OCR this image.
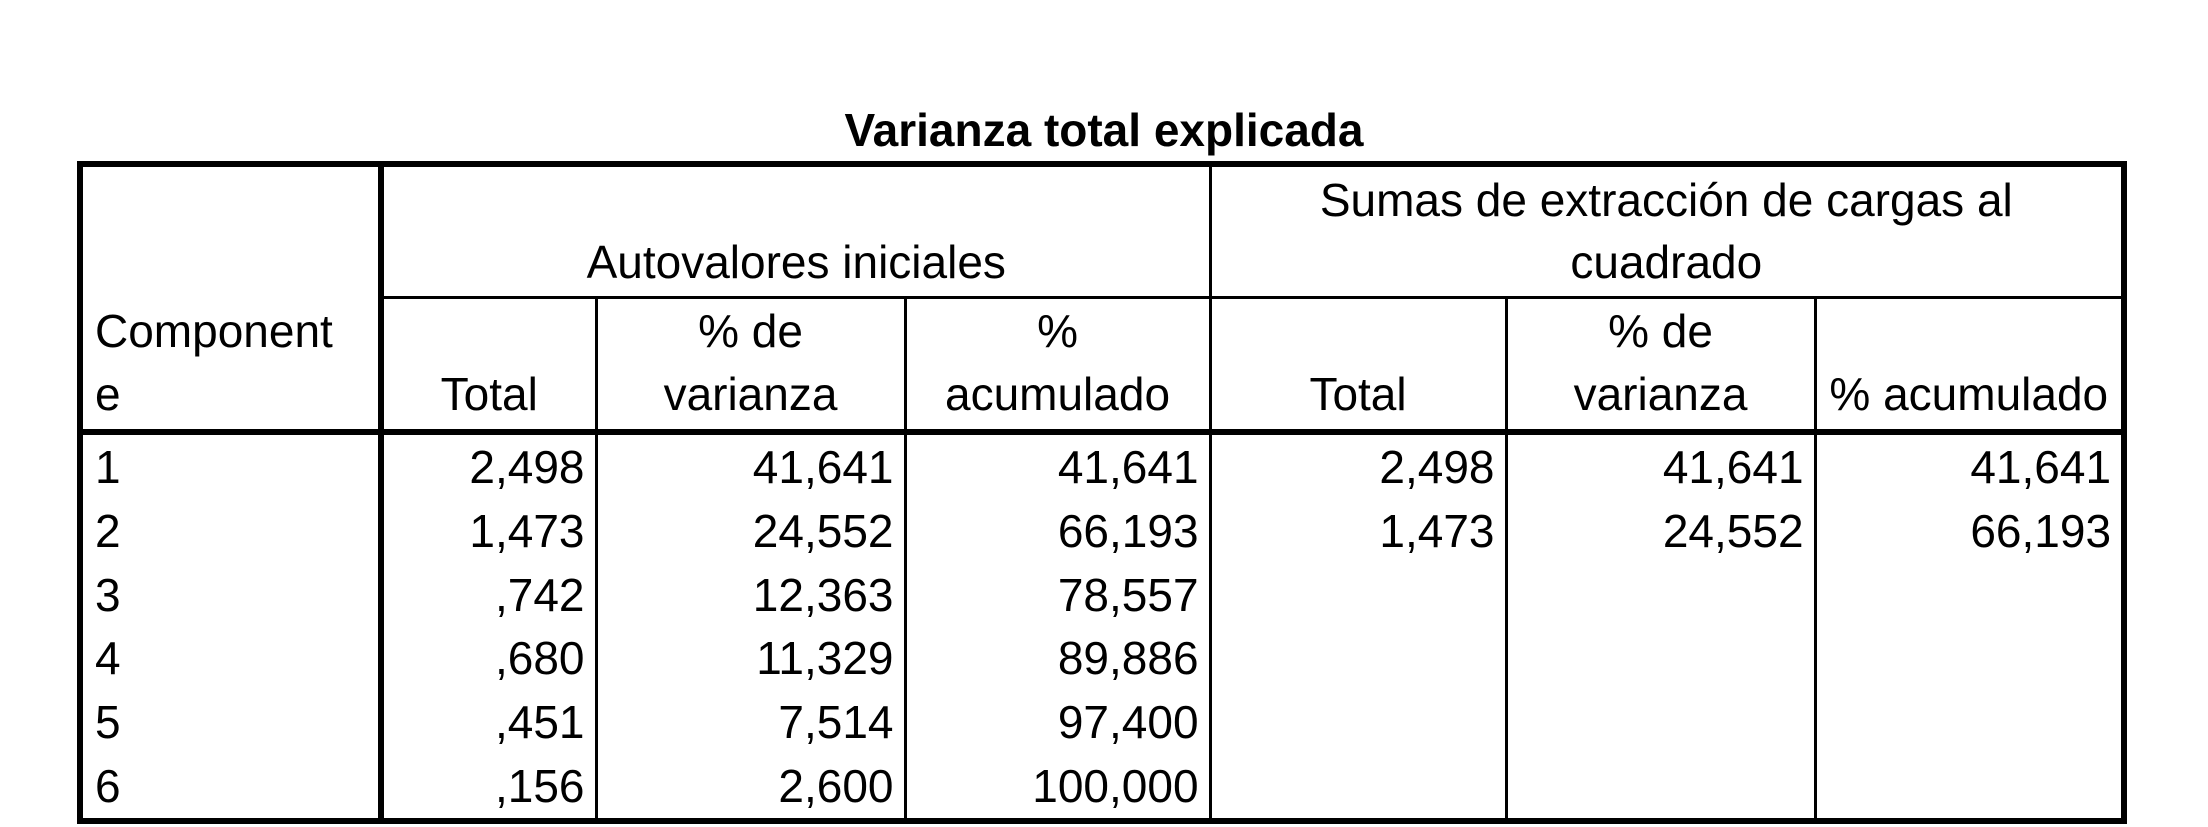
Varianza total explicada
Component e	Autovalores iniciales			Sumas de extracción de cargas al cuadrado		
	Total	% de varianza	% acumulado	Total	% de varianza	% acumulado
1	2,498	41,641	41,641	2,498	41,641	41,641
2	1,473	24,552	66,193	1,473	24,552	66,193
3	,742	12,363	78,557			
4	,680	11,329	89,886			
5	,451	7,514	97,400			
6	,156	2,600	100,000			
